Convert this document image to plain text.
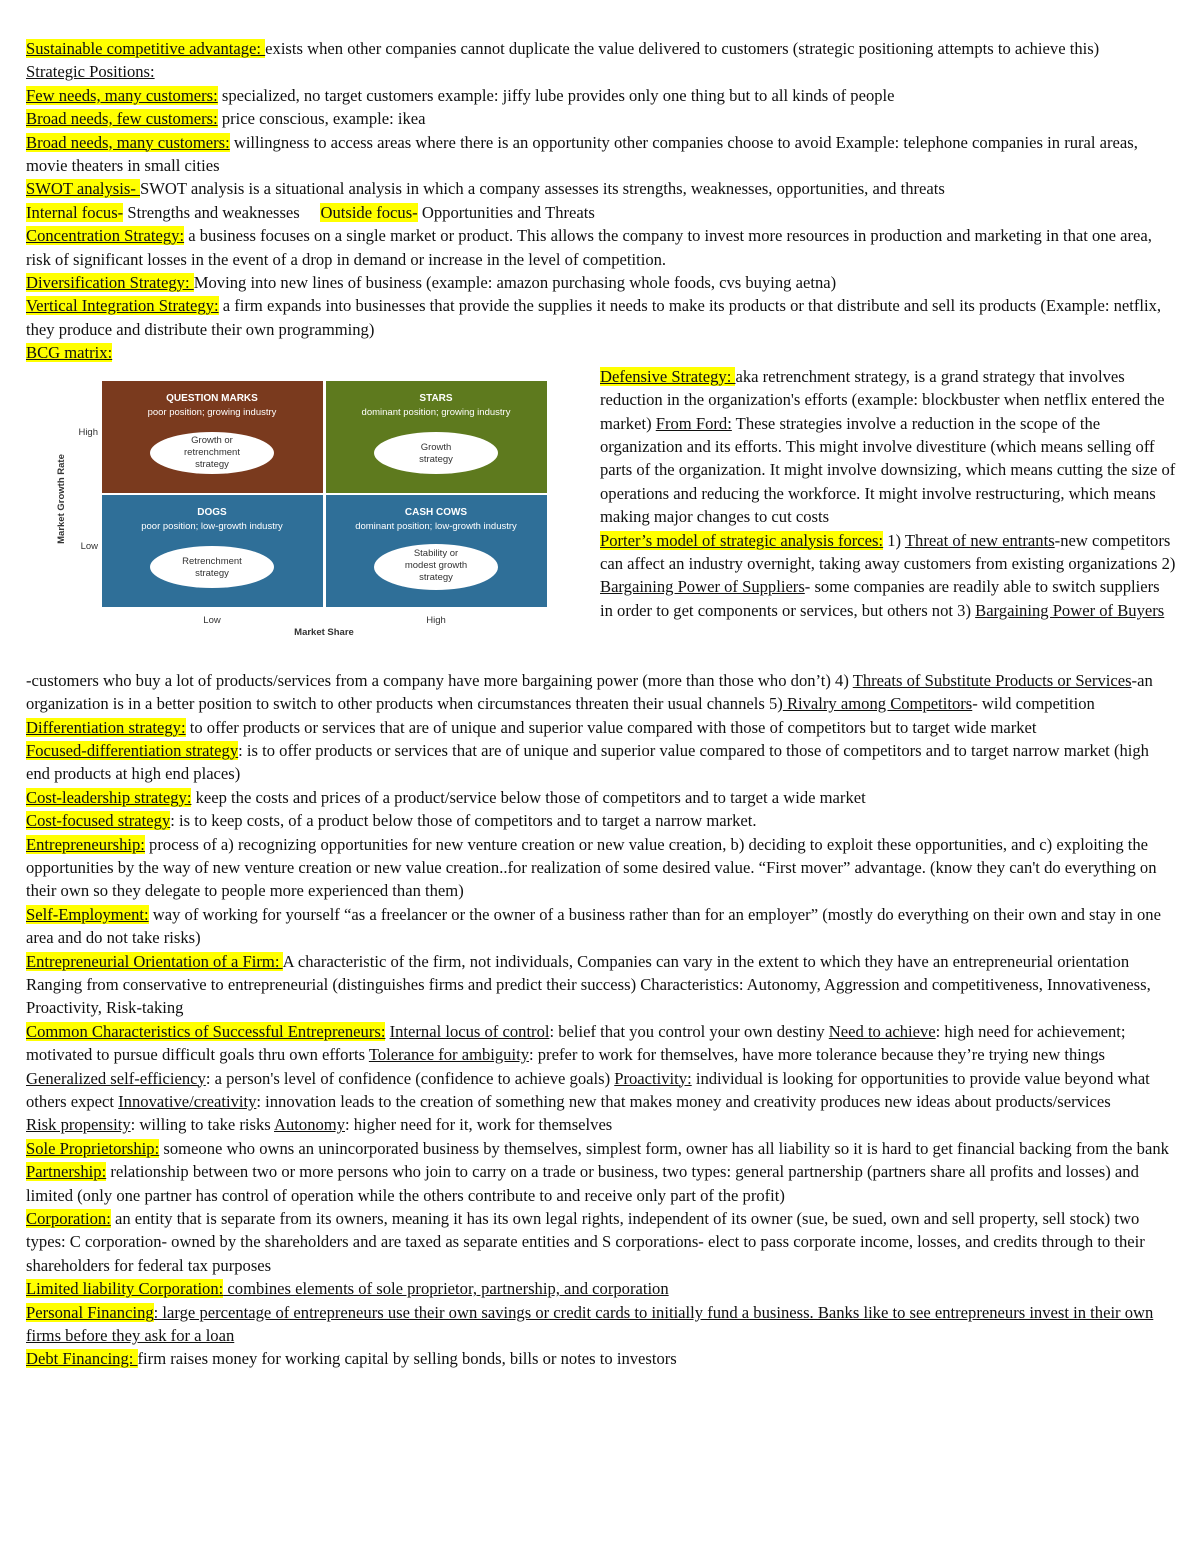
Sustainable competitive advantage: exists when other companies cannot duplicate the value delivered to customers (strategic positioning attempts to achieve this)

Strategic Positions:

Few needs, many customers: specialized, no target customers example: jiffy lube provides only one thing but to all kinds of people

Broad needs, few customers: price conscious, example: ikea

Broad needs, many customers: willingness to access areas where there is an opportunity other companies choose to avoid Example: telephone companies in rural areas, movie theaters in small cities

SWOT analysis- SWOT analysis is a situational analysis in which a company assesses its strengths, weaknesses, opportunities, and threats

Internal focus- Strengths and weaknesses     Outside focus- Opportunities and Threats

Concentration Strategy: a business focuses on a single market or product. This allows the company to invest more resources in production and marketing in that one area, risk of significant losses in the event of a drop in demand or increase in the level of competition.

Diversification Strategy: Moving into new lines of business (example: amazon purchasing whole foods, cvs buying aetna)

Vertical Integration Strategy: a firm expands into businesses that provide the supplies it needs to make its products or that distribute and sell its products (Example: netflix, they produce and distribute their own programming)

BCG matrix:

QUESTION MARKS
poor position; growing industry
Growth or
retrenchment
strategy
STARS
dominant position; growing industry
Growth
strategy
DOGS
poor position; low-growth industry
Retrenchment
strategy
CASH COWS
dominant position; low-growth industry
Stability or
modest growth
strategy
Market Growth Rate
High
Low
Low	High
Market Share

Defensive Strategy: aka retrenchment strategy, is a grand strategy that involves reduction in the organization's efforts (example: blockbuster when netflix entered the market) From Ford: These strategies involve a reduction in the scope of the organization and its efforts. This might involve divestiture (which means selling off parts of the organization. It might involve downsizing, which means cutting the size of operations and reducing the workforce. It might involve restructuring, which means making major changes to cut costs
Porter’s model of strategic analysis forces: 1) Threat of new entrants-new competitors can affect an industry overnight, taking away customers from existing organizations 2) Bargaining Power of Suppliers- some companies are readily able to switch suppliers in order to get components or services, but others not 3) Bargaining Power of Buyers

-customers who buy a lot of products/services from a company have more bargaining power (more than those who don’t) 4) Threats of Substitute Products or Services-an organization is in a better position to switch to other products when circumstances threaten their usual channels 5) Rivalry among Competitors- wild competition

Differentiation strategy: to offer products or services that are of unique and superior value compared with those of competitors but to target wide market

Focused-differentiation strategy: is to offer products or services that are of unique and superior value compared to those of competitors and to target narrow market (high end products at high end places)

Cost-leadership strategy: keep the costs and prices of a product/service below those of competitors and to target a wide market

Cost-focused strategy: is to keep costs, of a product below those of competitors and to target a narrow market.

Entrepreneurship: process of a) recognizing opportunities for new venture creation or new value creation, b) deciding to exploit these opportunities, and c) exploiting the opportunities by the way of new venture creation or new value creation..for realization of some desired value. “First mover” advantage. (know they can't do everything on their own so they delegate to people more experienced than them)

Self-Employment: way of working for yourself “as a freelancer or the owner of a business rather than for an employer” (mostly do everything on their own and stay in one area and do not take risks)

Entrepreneurial Orientation of a Firm: A characteristic of the firm, not individuals, Companies can vary in the extent to which they have an entrepreneurial orientation Ranging from conservative to entrepreneurial (distinguishes firms and predict their success) Characteristics: Autonomy, Aggression and competitiveness, Innovativeness, Proactivity, Risk-taking

Common Characteristics of Successful Entrepreneurs: Internal locus of control: belief that you control your own destiny Need to achieve: high need for achievement; motivated to pursue difficult goals thru own efforts Tolerance for ambiguity: prefer to work for themselves, have more tolerance because they’re trying new things Generalized self-efficiency: a person's level of confidence (confidence to achieve goals) Proactivity: individual is looking for opportunities to provide value beyond what others expect Innovative/creativity: innovation leads to the creation of something new that makes money and creativity produces new ideas about products/services

Risk propensity: willing to take risks Autonomy: higher need for it, work for themselves

Sole Proprietorship: someone who owns an unincorporated business by themselves, simplest form, owner has all liability so it is hard to get financial backing from the bank

Partnership: relationship between two or more persons who join to carry on a trade or business, two types: general partnership (partners share all profits and losses) and limited (only one partner has control of operation while the others contribute to and receive only part of the profit)

Corporation: an entity that is separate from its owners, meaning it has its own legal rights, independent of its owner (sue, be sued, own and sell property, sell stock) two types: C corporation- owned by the shareholders and are taxed as separate entities and S corporations- elect to pass corporate income, losses, and credits through to their shareholders for federal tax purposes

Limited liability Corporation: combines elements of sole proprietor, partnership, and corporation

Personal Financing: large percentage of entrepreneurs use their own savings or credit cards to initially fund a business. Banks like to see entrepreneurs invest in their own firms before they ask for a loan

Debt Financing: firm raises money for working capital by selling bonds, bills or notes to investors
